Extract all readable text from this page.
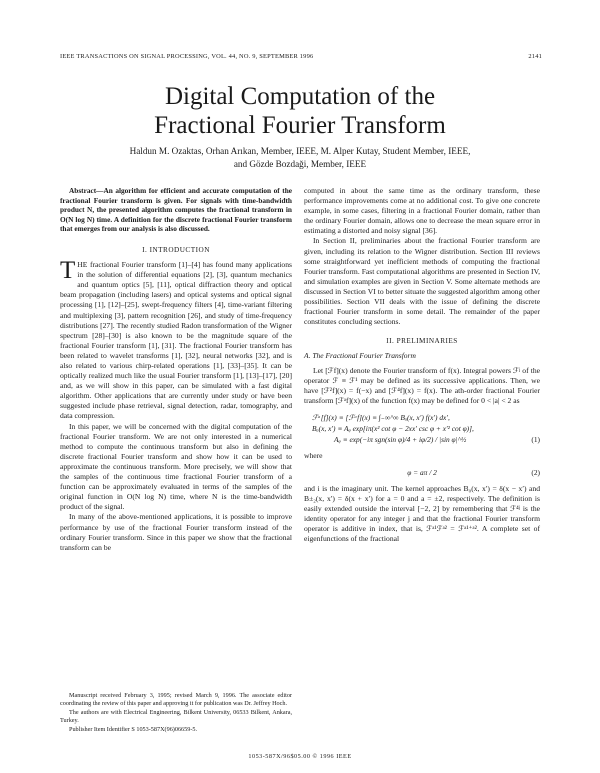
IEEE TRANSACTIONS ON SIGNAL PROCESSING, VOL. 44, NO. 9, SEPTEMBER 1996	2141
Digital Computation of the
Fractional Fourier Transform
Haldun M. Ozaktas, Orhan Arıkan, Member, IEEE, M. Alper Kutay, Student Member, IEEE,
and Gözde Bozdaği, Member, IEEE

Abstract—An algorithm for efficient and accurate computation of the fractional Fourier transform is given. For signals with time-bandwidth product N, the presented algorithm computes the fractional transform in O(N log N) time. A definition for the discrete fractional Fourier transform that emerges from our analysis is also discussed.

I. INTRODUCTION

THE fractional Fourier transform [1]–[4] has found many applications in the solution of differential equations [2], [3], quantum mechanics and quantum optics [5], [11], optical diffraction theory and optical beam propagation (including lasers) and optical systems and optical signal processing [1], [12]–[25], swept-frequency filters [4], time-variant filtering and multiplexing [3], pattern recognition [26], and study of time-frequency distributions [27]. The recently studied Radon transformation of the Wigner spectrum [28]–[30] is also known to be the magnitude square of the fractional Fourier transform [1], [31]. The fractional Fourier transform has been related to wavelet transforms [1], [32], neural networks [32], and is also related to various chirp-related operations [1], [33]–[35]. It can be optically realized much like the usual Fourier transform [1], [13]–[17], [20] and, as we will show in this paper, can be simulated with a fast digital algorithm. Other applications that are currently under study or have been suggested include phase retrieval, signal detection, radar, tomography, and data compression.

In this paper, we will be concerned with the digital computation of the fractional Fourier transform. We are not only interested in a numerical method to compute the continuous transform but also in defining the discrete fractional Fourier transform and show how it can be used to approximate the continuous transform. More precisely, we will show that the samples of the continuous time fractional Fourier transform of a function can be approximately evaluated in terms of the samples of the original function in O(N log N) time, where N is the time-bandwidth product of the signal.

In many of the above-mentioned applications, it is possible to improve performance by use of the fractional Fourier transform instead of the ordinary Fourier transform. Since in this paper we show that the fractional transform can be

Manuscript received February 3, 1995; revised March 9, 1996. The associate editor coordinating the review of this paper and approving it for publication was Dr. Jeffrey Hoch.

The authors are with Electrical Engineering, Bilkent University, 06533 Bilkent, Ankara, Turkey.

Publisher Item Identifier S 1053-587X(96)06659-5.

computed in about the same time as the ordinary transform, these performance improvements come at no additional cost. To give one concrete example, in some cases, filtering in a fractional Fourier domain, rather than the ordinary Fourier domain, allows one to decrease the mean square error in estimating a distorted and noisy signal [36].

In Section II, preliminaries about the fractional Fourier transform are given, including its relation to the Wigner distribution. Section III reviews some straightforward yet inefficient methods of computing the fractional Fourier transform. Fast computational algorithms are presented in Section IV, and simulation examples are given in Section V. Some alternate methods are discussed in Section VI to better situate the suggested algorithm among other possibilities. Section VII deals with the issue of defining the discrete fractional Fourier transform in some detail. The remainder of the paper constitutes concluding sections.

II. PRELIMINARIES
A. The Fractional Fourier Transform

Let [ℱf](x) denote the Fourier transform of f(x). Integral powers ℱʲ of the operator ℱ ≡ ℱ¹ may be defined as its successive applications. Then, we have [ℱ²f](x) = f(−x) and [ℱ⁴f](x) = f(x). The ath-order fractional Fourier transform [ℱᵃf](x) of the function f(x) may be defined for 0 < |a| < 2 as

ℱᵃ[f](x) ≡ [ℱᵃf](x) ≡ ∫₋∞^∞ Bₐ(x, x′) f(x′) dx′,
Bₐ(x, x′) ≡ Aᵩ exp[iπ(x² cot φ − 2xx′ csc φ + x′² cot φ)],
Aᵩ ≡ exp(−iπ sgn(sin φ)/4 + iφ/2) / |sin φ|^½	(1)

where

φ = aπ / 2	(2)

and i is the imaginary unit. The kernel approaches B₀(x, x′) = δ(x − x′) and B±₂(x, x′) = δ(x + x′) for a = 0 and a = ±2, respectively. The definition is easily extended outside the interval [−2, 2] by remembering that ℱ⁴ʲ is the identity operator for any integer j and that the fractional Fourier transform operator is additive in index, that is, ℱᵃ¹ℱᵃ² = ℱᵃ¹⁺ᵃ². A complete set of eigenfunctions of the fractional

1053-587X/96$05.00 © 1996 IEEE
